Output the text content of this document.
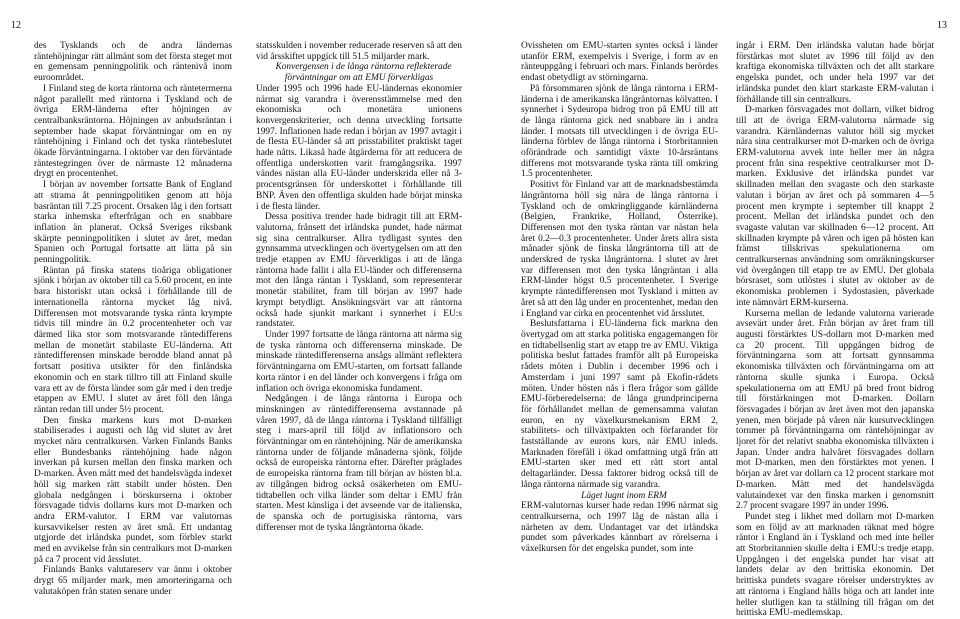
12	13

des Tysklands och de andra ländernas räntehöjningar rätt allmänt som det första steget mot en gemensam penningpolitik och räntenivå inom euroområdet.

I Finland steg de korta räntorna och räntetermerna något parallellt med räntorna i Tyskland och de övriga ERM-länderna efter höjningen av centralbanksräntorna. Höjningen av anbudsräntan i september hade skapat förväntningar om en ny räntehöjning i Finland och det tyska räntebeslutet ökade förväntningarna. I oktober var den förväntade räntestegringen över de närmaste 12 månaderna drygt en procentenhet.

I början av november fortsatte Bank of England att strama åt penningpolitiken genom att höja basräntan till 7.25 procent. Orsaken låg i den fortsatt starka inhemska efterfrågan och en snabbare inflation än planerat. Också Sveriges riksbank skärpte penningpolitiken i slutet av året, medan Spanien och Portugal fortsatte att lätta på sin penningpolitik.

Räntan på finska statens tioåriga obligationer sjönk i början av oktober till ca 5.60 procent, en inte bara historiskt utan också i förhållande till de internationella räntorna mycket låg nivå. Differensen mot motsvarande tyska ränta krympte tidvis till mindre än 0.2 procentenheter och var därmed lika stor som motsvarande räntedifferens mellan de monetärt stabilaste EU-länderna. Att räntedifferensen minskade berodde bland annat på fortsatt positiva utsikter för den finländska ekonomin och en stark tilltro till att Finland skulle vara ett av de första länder som går med i den tredje etappen av EMU. I slutet av året föll den långa räntan redan till under 5½ procent.

Den finska markens kurs mot D-marken stabiliserades i augusti och låg vid slutet av året mycket nära centralkursen. Varken Finlands Banks eller Bundesbanks räntehöjning hade någon inverkan på kursen mellan den finska marken och D-marken. Även mätt med det handelsvägda indexet höll sig marken rätt stabilt under hösten. Den globala nedgången i börskurserna i oktober försvagade tidvis dollarns kurs mot D-marken och andra ERM-valutor. I ERM var valutornas kursavvikelser resten av året små. Ett undantag utgjorde det irländska pundet, som förblev starkt med en avvikelse från sin centralkurs mot D-marken på ca 7 procent vid årsslutet.

Finlands Banks valutareserv var ännu i oktober drygt 65 miljarder mark, men amorteringarna och valutaköpen från staten senare under

statsskulden i november reducerade reserven så att den vid årsskiftet uppgick till 51.5 miljarder mark.

Konvergensen i de långa räntorna reflekterade förväntningar om att EMU förverkligas

Under 1995 och 1996 hade EU-ländernas ekonomier närmat sig varandra i överensstämmelse med den ekonomiska och monetära unionens konvergenskriterier, och denna utveckling fortsatte 1997. Inflationen hade redan i början av 1997 avtagit i de flesta EU-länder så att prisstabilitet praktiskt taget hade nåtts. Likaså hade åtgärderna för att reducera de offentliga underskotten varit framgångsrika. 1997 vändes nästan alla EU-länder underskrida eller nå 3-procentsgränsen för underskottet i förhållande till BNP. Även den offentliga skulden hade börjat minska i de flesta länder.

Dessa positiva trender hade bidragit till att ERM-valutorna, frånsett det irländska pundet, hade närmat sig sina centralkurser. Allra tydligast syntes den gynnsamma utvecklingen och övertygelsen om att den tredje etappen av EMU förverkligas i att de långa räntorna hade fallit i alla EU-länder och differenserna mot den långa räntan i Tyskland, som representerar monetär stabilitet, fram till början av 1997 hade krympt betydligt. Ansökningsvärt var att räntorna också hade sjunkit markant i synnerhet i EU:s randstater.

Under 1997 fortsatte de långa räntorna att närma sig de tyska räntorna och differenserna minskade. De minskade räntedifferenserna ansågs allmänt reflektera förväntningarna om EMU-starten, om fortsatt fallande korta räntor i en del länder och konvergens i fråga om inflation och övriga ekonomiska fundament.

Nedgången i de långa räntorna i Europa och minskningen av räntedifferenserna avstannade på våren 1997, då de långa räntorna i Tyskland tillfälligt steg i mars-april till följd av inflationsoro och förväntningar om en räntehöjning. När de amerikanska räntorna under de följande månaderna sjönk, följde också de europeiska räntorna efter. Därefter präglades de europeiska räntorna fram till början av hösten bl.a. av tillgången bidrog också osäkerheten om EMU-tidtabellen och vilka länder som deltar i EMU från starten. Mest känsliga i det avseende var de italienska, de spanska och de portugisiska räntorna, vars differenser mot de tyska långräntorna ökade.

Ovissheten om EMU-starten syntes också i länder utanför ERM, exempelvis i Sverige, i form av en ränteuppgång i februari och mars. Finlands berördes endast obetydligt av störningarna.

På försommaren sjönk de långa räntorna i ERM-länderna i de amerikanska långräntornas kölvatten. I synnerhet i Sydeuropa bidrog tron på EMU till att de långa räntorna gick ned snabbare än i andra länder. I motsats till utvecklingen i de övriga EU-länderna förblev de långa räntorna i Storbritannien oförändrade och samtidigt växte 10-årsräntans differens mot motsvarande tyska ränta till omkring 1.5 procentenheter.

Positivt för Finland var att de marknadsbestämda långräntorna höll sig nära de långa räntorna i Tyskland och de omkringliggande kärnländerna (Belgien, Frankrike, Holland, Österrike). Differensen mot den tyska räntan var nästan hela året 0.2—0.3 procentenheter. Under årets allra sista månader sjönk de finska långräntorna till att de underskred de tyska långräntorna. I slutet av året var differensen mot den tyska långräntan i alla ERM-länder högst 0.5 procentenheter. I Sverige krympte räntedifferensen mot Tyskland i mitten av året så att den låg under en procentenhet, medan den i England var cirka en procentenhet vid årsslutet.

Beslutsfattarna i EU-länderna fick markna den övertygad om att starka politiska engagemangen för en tidtabellsenlig start av etapp tre av EMU. Viktiga politiska beslut fattades framför allt på Europeiska rådets möten i Dublin i december 1996 och i Amsterdam i juni 1997 samt på Ekofin-rådets möten. Under hösten nås i flera frågor som gällde EMU-förberedelserna: de långa grundprinciperna för förhållandet mellan de gemensamma valutan euron, en ny växelkursmekanism ERM 2, stabilitets- och tillväxtpakten och förfarandet för fastställande av eurons kurs, när EMU inleds. Marknaden förefåll i ökad omfattning utgå från att EMU-starten sker med ett rätt stort antal deltagarländer. Dessa faktorer bidrog också till de långa räntorna närmade sig varandra.

Läget lugnt inom ERM

ERM-valutornas kurser hade redan 1996 närmat sig centralkurserna, och 1997 låg de nästan alla i närheten av dem. Undantaget var det irländska pundet som påverkades kännbart av rörelserna i växelkursen för det engelska pundet, som inte

ingår i ERM. Den irländska valutan hade börjat förstärkas mot slutet av 1996 till följd av den kraftiga ekonomiska tillväxten och det allt starkare engelska pundet, och under hela 1997 var det irländska pundet den klart starkaste ERM-valutan i förhållande till sin centralkurs.

D-marken försvagades mot dollarn, vilket bidrog till att de övriga ERM-valutorna närmade sig varandra. Kärnländernas valutor höll sig mycket nära sina centralkurser mot D-marken och de övriga ERM-valutorna avvek inte heller mer än några procent från sina respektive centralkurser mot D-marken. Exklusive det irländska pundet var skillnaden mellan den svagaste och den starkaste valutan i början av året och på sommaren 4—5 procent men krympte i september till knappt 2 procent. Mellan det irländska pundet och den svagaste valutan var skillnaden 6—12 procent. Att skillnaden krympte på våren och igen på hösten kan främst tillskrivas spekulationerna om centralkursernas användning som omräkningskurser vid övergången till etapp tre av EMU. Det globala börsraset, som utlöstes i slutet av oktober av de ekonomiska problemen i Sydostasien, påverkade inte nämnvärt ERM-kurserna.

Kurserna mellan de ledande valutorna varierade avsevärt under året. Från början av året fram till augusti förstärktes US-dollarn mot D-marken med ca 20 procent. Till uppgången bidrog de förväntningarna som att fortsatt gynnsamma ekonomiska tillväxten och förväntningarna om att räntorna skulle sjunka i Europa. Också spekulationerna om att EMU på bred front bidrog till förstärkningen mot D-marken. Dollarn försvagades i början av året även mot den japanska yenen, men började på våren när kursutvecklingen tornmer på förväntningarna om räntehöjningar av ljoret för det relativt snabba ekonomiska tillväxten i Japan. Under andra halvåret försvagades dollarn mot D-marken, men den förstärktes mot yenen. I början av året var dollarn ca 12 procent starkare mot D-marken. Mätt med det handelsvägda valutaindexet var den finska marken i genomsnitt 2.7 procent svagare 1997 än under 1996.

Pundet steg i likhet med dollarn mot D-marken som en följd av att marknaden räknat med högre räntor i England än i Tyskland och med inte heller att Storbritannien skulle delta i EMU:s tredje etapp. Uppgången i det engelska pundet har visat att landets delar av den brittiska ekonomin. Det brittiska pundets svagare rörelser understryktes av att räntorna i England hålls höga och att landet inte heller slutligen kan ta ställning till frågan om det brittiska EMU-medlemskap.
